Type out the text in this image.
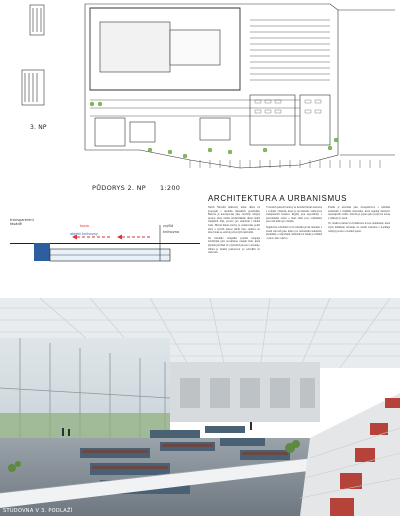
3. NP
PŮDORYS 2. NP 1:200
transparentní fasádě	teplo
objekt knihovny
zvýšit
knihovna
ARCHITEKTURA A URBANISMUS
Návrh Národní knihovny klade důraz na propojení s okolním městským prostředím. Budova je koncipována jako otevřený veřejný prostor, který nabízí návštěvníkům různé druhy studijních míst, prostor pro setkávání i klidné čtení. Hlavní hmota stavby je orientována podél ulice a vytváří jasnou uliční čáru, zatímco do nitra bloku se otevírá pobytovým nádvořím.
Do hlavního vstupního podlaží vstupuje návštěvník přes prosklenou vstupní halu, která plynule přechází do výstavních prostor a kavárny. Odtud je možné pokračovat po schodišti do studoven.
V horních patrech budovy se nachází hlavní studovna s volným výběrem, která je prosvětlena velkorysou transparentní fasádou. Regály jsou uspořádány v pravidelném rastru a mezi nimi jsou rozmístěna pracovní místa pro čtenáře.
Stupňovité schodiště tvoří centrální prvek interiéru a slouží zároveň jako místo pro neformální setkávání, přednášky a odpočinek. Materiálové řešení je střídmé - beton, sklo a dřevo.
Fasáda je navržena jako dvouplášťová, s vnitřním zasklením a vnějšími slunolamy, které regulují množství dopadajícího světla. Střecha je pojata jako pobytová terasa s výhledy do okolí.
Ve vztahu k městu tvoří knihovna novou dominantu, která svým měřítkem navazuje na okolní zástavbu a doplňuje veřejný prostor o kvalitní parter.
STUDOVNA V 3. PODLAŽÍ
